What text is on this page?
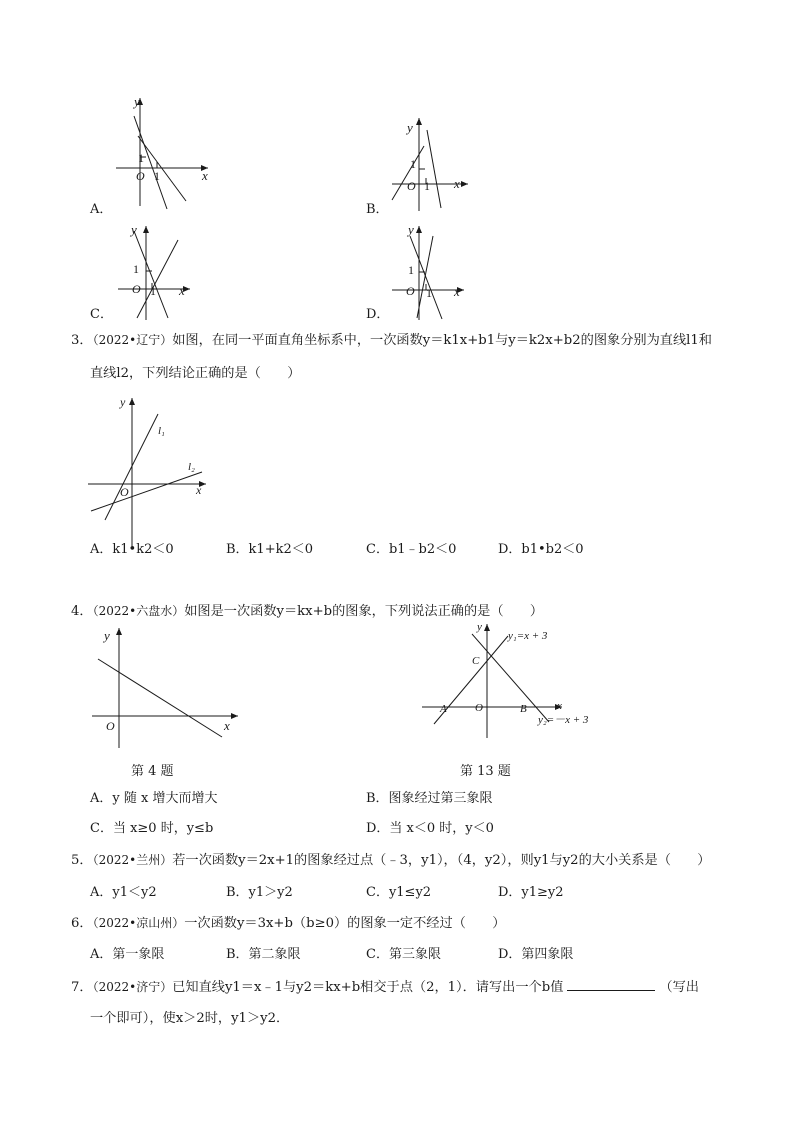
A．
y
x
O
1
1
B．
y
x
O
1
1
C．
y
x
O
1
1
D．
y
x
O
1
1
3．（2022•辽宁）如图，在同一平面直角坐标系中，一次函数y＝k1x+b1与y＝k2x+b2的图象分别为直线l1和
直线l2，下列结论正确的是（　　）
y
x
O
l₁
l₂
A．k1•k2＜0	B．k1+k2＜0	C．b1﹣b2＜0	D．b1•b2＜0
4．（2022•六盘水）如图是一次函数y＝kx+b的图象，下列说法正确的是（　　）
y
x
O
第 4 题
y
x
O
A	B
C
y₁=x + 3
y₂=－x + 3
第 13 题
A．y 随 x 增大而增大	B．图象经过第三象限
C．当 x≥0 时，y≤b	D．当 x＜0 时，y＜0
5．（2022•兰州）若一次函数y＝2x+1的图象经过点（﹣3，y1），（4，y2），则y1与y2的大小关系是（　　）
A．y1＜y2	B．y1＞y2	C．y1≤y2	D．y1≥y2
6．（2022•凉山州）一次函数y＝3x+b（b≥0）的图象一定不经过（　　）
A．第一象限	B．第二象限	C．第三象限	D．第四象限
7．（2022•济宁）已知直线y1＝x﹣1与y2＝kx+b相交于点（2，1）．请写出一个b值	（写出
一个即可），使x＞2时，y1＞y2．
